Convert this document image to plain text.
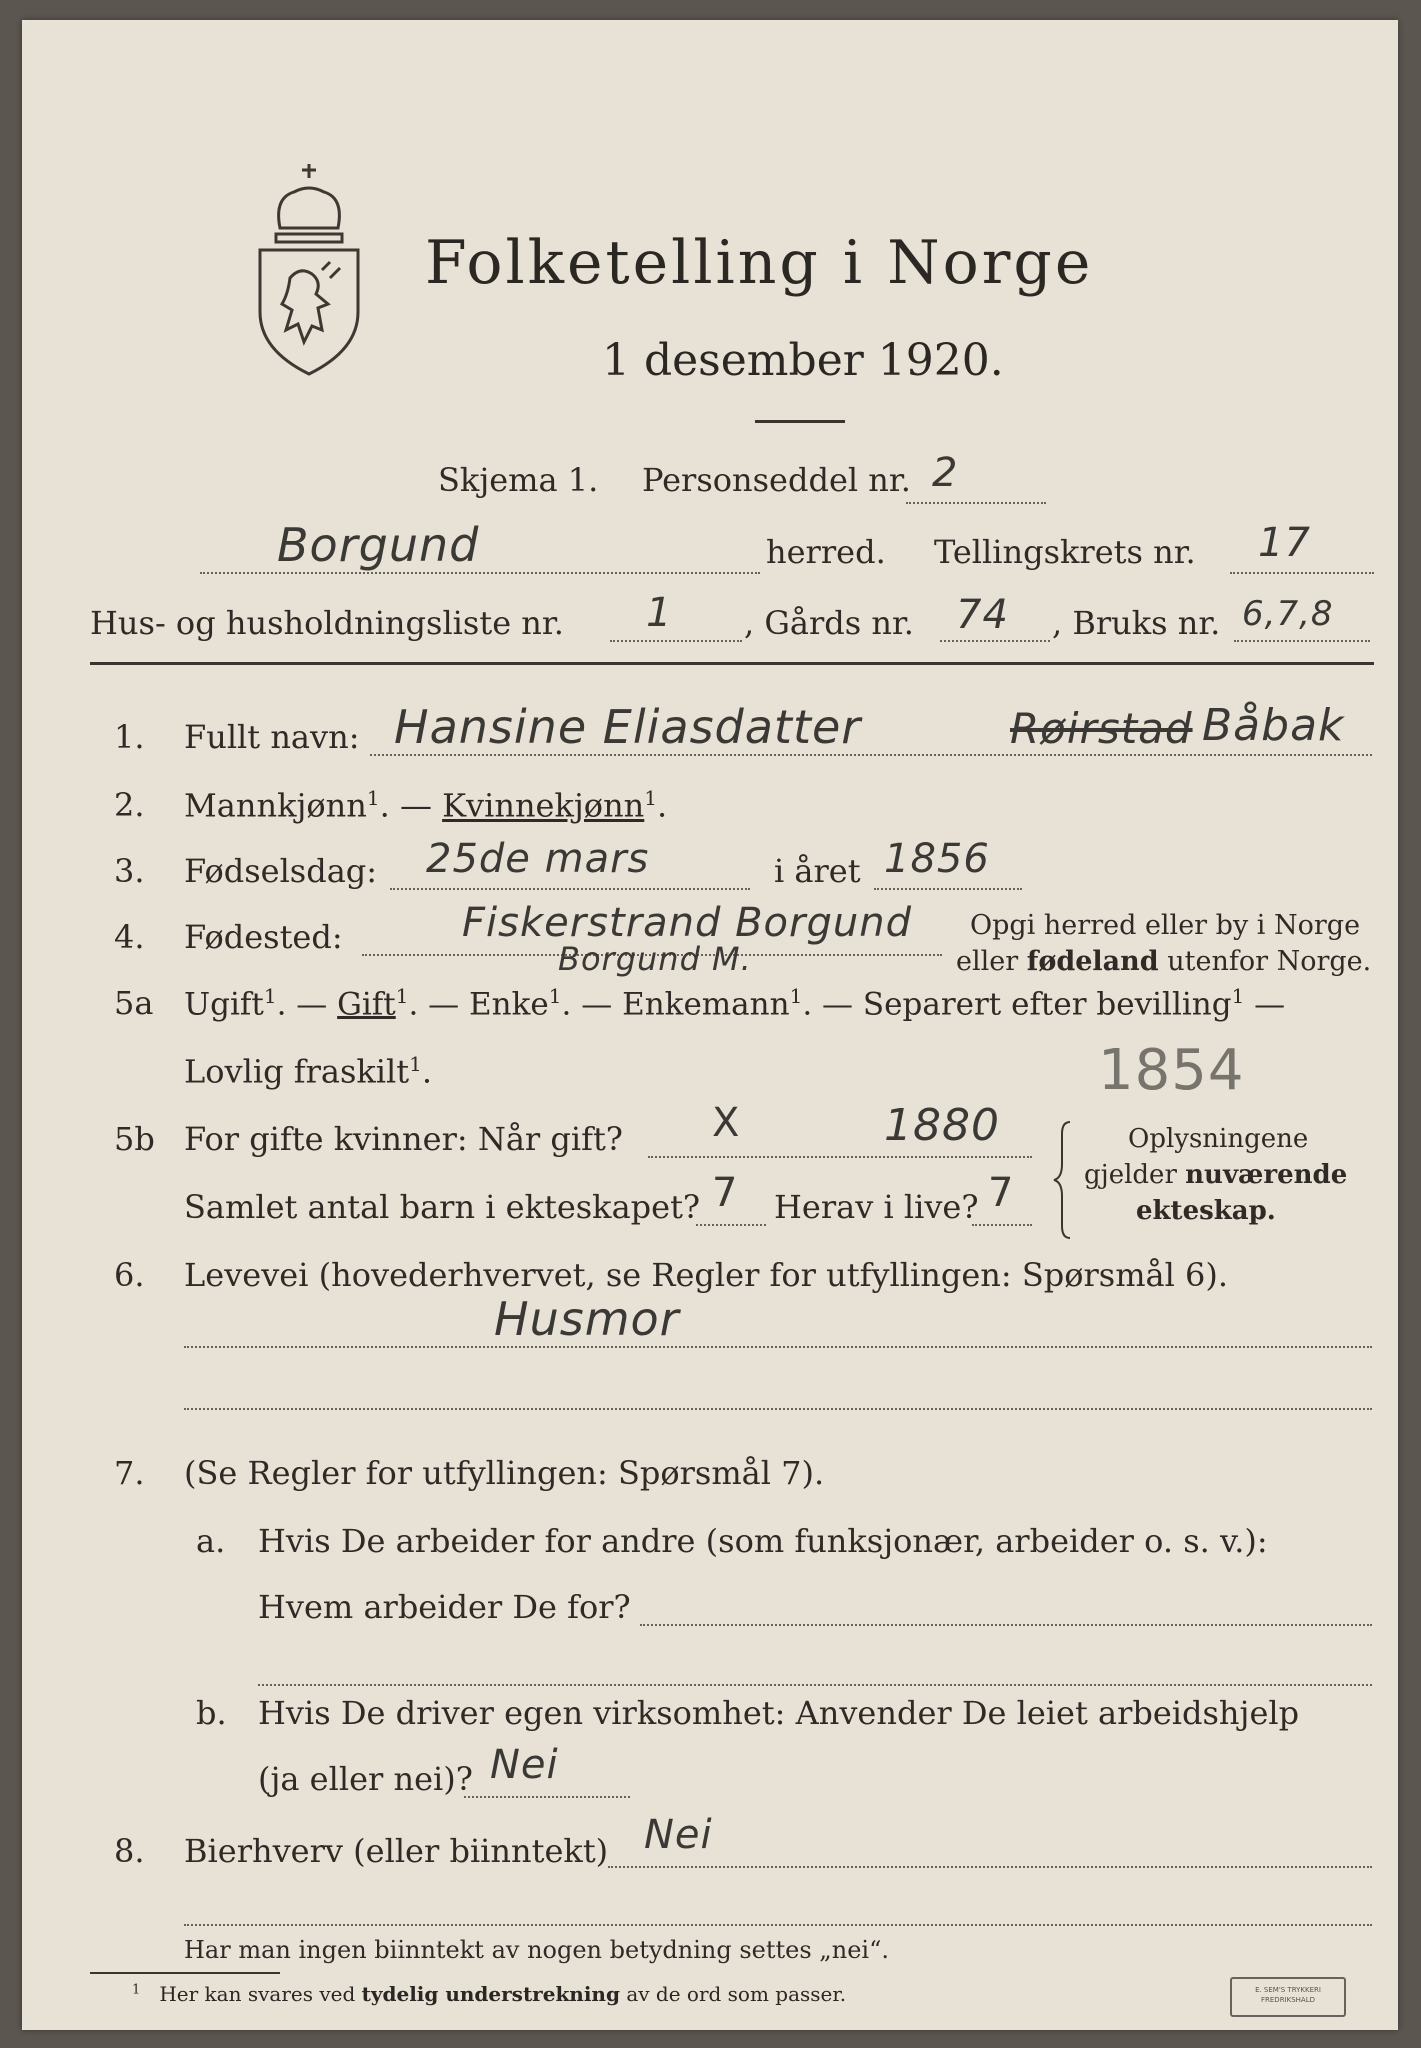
Folketelling i Norge
1 desember 1920.
Skjema 1. Personseddel nr. 2
Borgund	herred. Tellingskrets nr. 17
Hus- og husholdningsliste nr. 1 , Gårds nr. 74 , Bruks nr. 6,7,8
1. Fullt navn: Hansine Eliasdatter	Røirstad Båbak
2. Mannkjønn$^1$. — Kvinnekjønn$^1$.
3. Fødselsdag: 25de mars	i året 1856
4. Fødested:	Fiskerstrand Borgund
Borgund M.
Opgi herred eller by i Norge
eller fødeland utenfor Norge.
5a Ugift$^1$. — Gift$^1$. — Enke$^1$. — Enkemann$^1$. — Separert efter bevilling$^1$ —
Lovlig fraskilt$^1$.	1854
5b For gifte kvinner: Når gift? X	1880
Samlet antal barn i ekteskapet? 7 Herav i live? 7
Oplysningene
gjelder nuværende
ekteskap.
6. Levevei (hovederhvervet, se Regler for utfyllingen: Spørsmål 6).
Husmor
7. (Se Regler for utfyllingen: Spørsmål 7).
a. Hvis De arbeider for andre (som funksjonær, arbeider o. s. v.):
Hvem arbeider De for?
b. Hvis De driver egen virksomhet: Anvender De leiet arbeidshjelp
(ja eller nei)? Nei
8. Bierhverv (eller biinntekt) Nei
Har man ingen biinntekt av nogen betydning settes „nei“.
$^1$ Her kan svares ved tydelig understrekning av de ord som passer.	E. SEM'S TRYKKERI
FREDRIKSHALD
